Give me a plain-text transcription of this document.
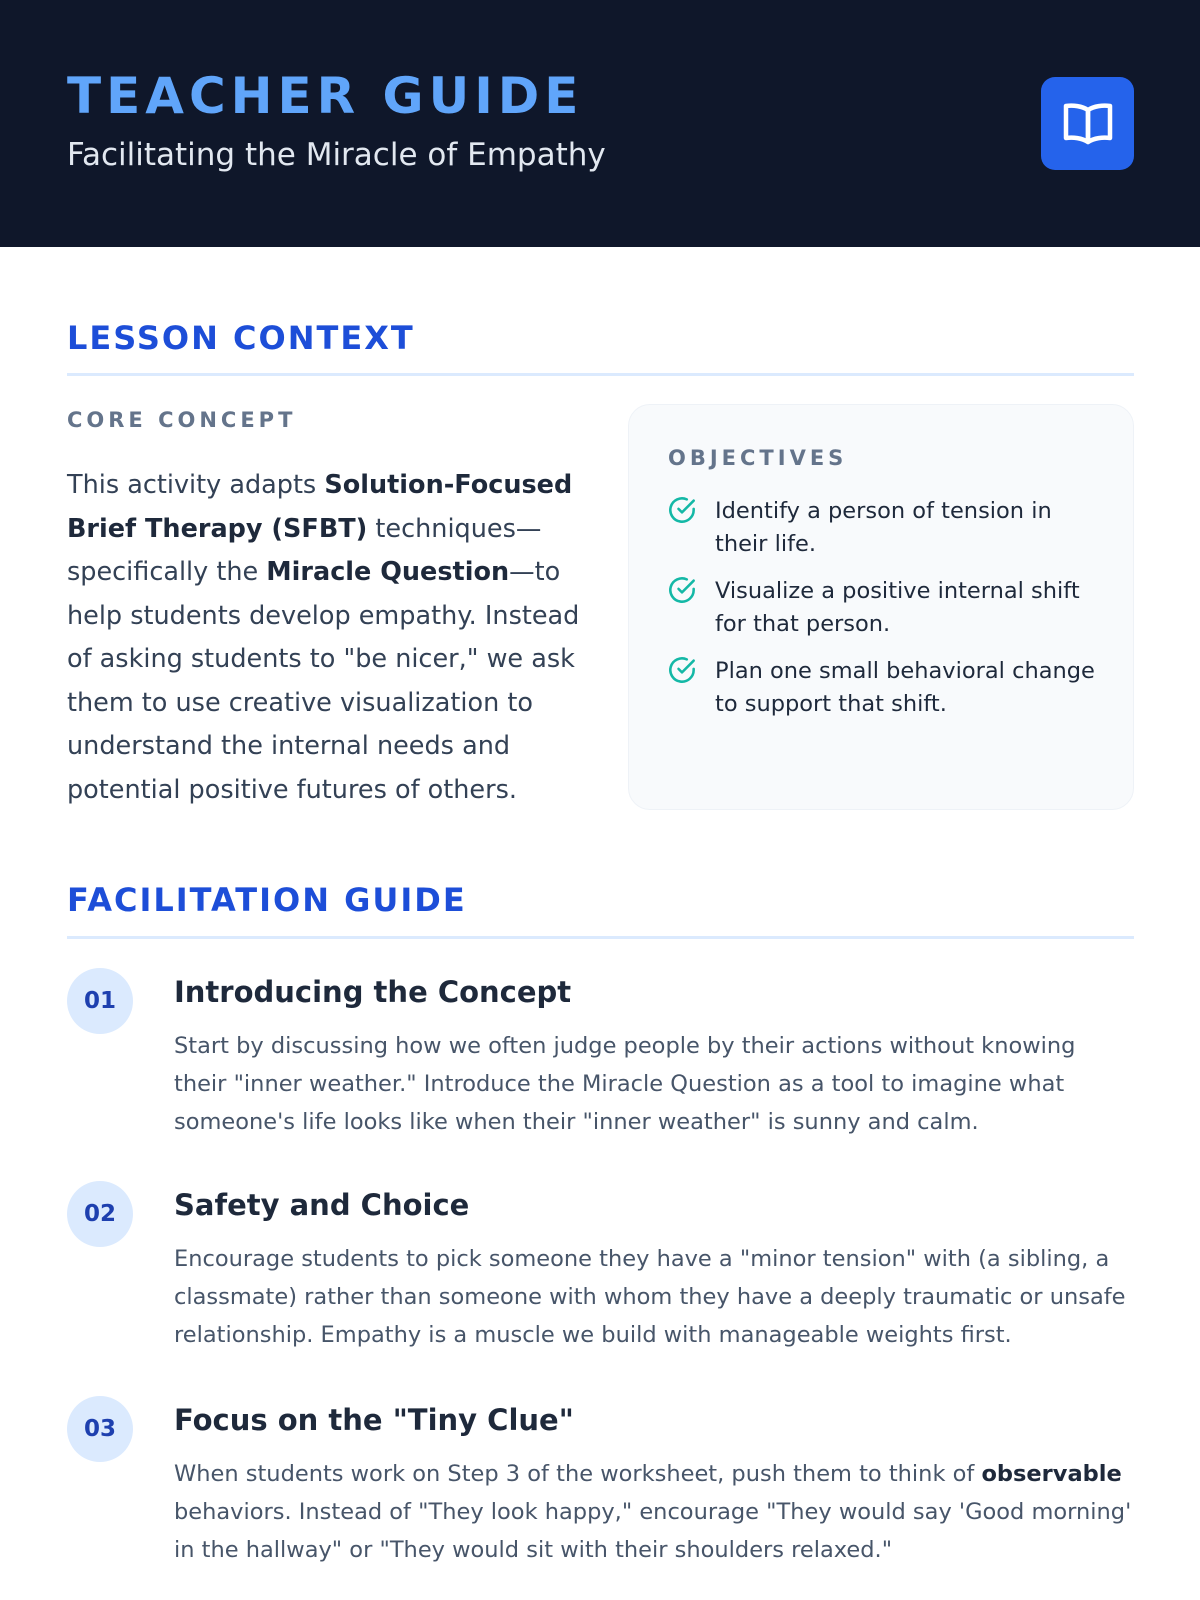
TEACHER GUIDE
Facilitating the Miracle of Empathy
LESSON CONTEXT
CORE CONCEPT
This activity adapts Solution-Focused Brief Therapy (SFBT) techniques—specifically the Miracle Question—to help students develop empathy. Instead of asking students to "be nicer," we ask them to use creative visualization to understand the internal needs and potential positive futures of others.
OBJECTIVES
Identify a person of tension in their life.
Visualize a positive internal shift for that person.
Plan one small behavioral change to support that shift.
FACILITATION GUIDE
01	Introducing the Concept
Start by discussing how we often judge people by their actions without knowing their "inner weather." Introduce the Miracle Question as a tool to imagine what someone's life looks like when their "inner weather" is sunny and calm.
02	Safety and Choice
Encourage students to pick someone they have a "minor tension" with (a sibling, a classmate) rather than someone with whom they have a deeply traumatic or unsafe relationship. Empathy is a muscle we build with manageable weights first.
03	Focus on the "Tiny Clue"
When students work on Step 3 of the worksheet, push them to think of observable behaviors. Instead of "They look happy," encourage "They would say 'Good morning' in the hallway" or "They would sit with their shoulders relaxed."
